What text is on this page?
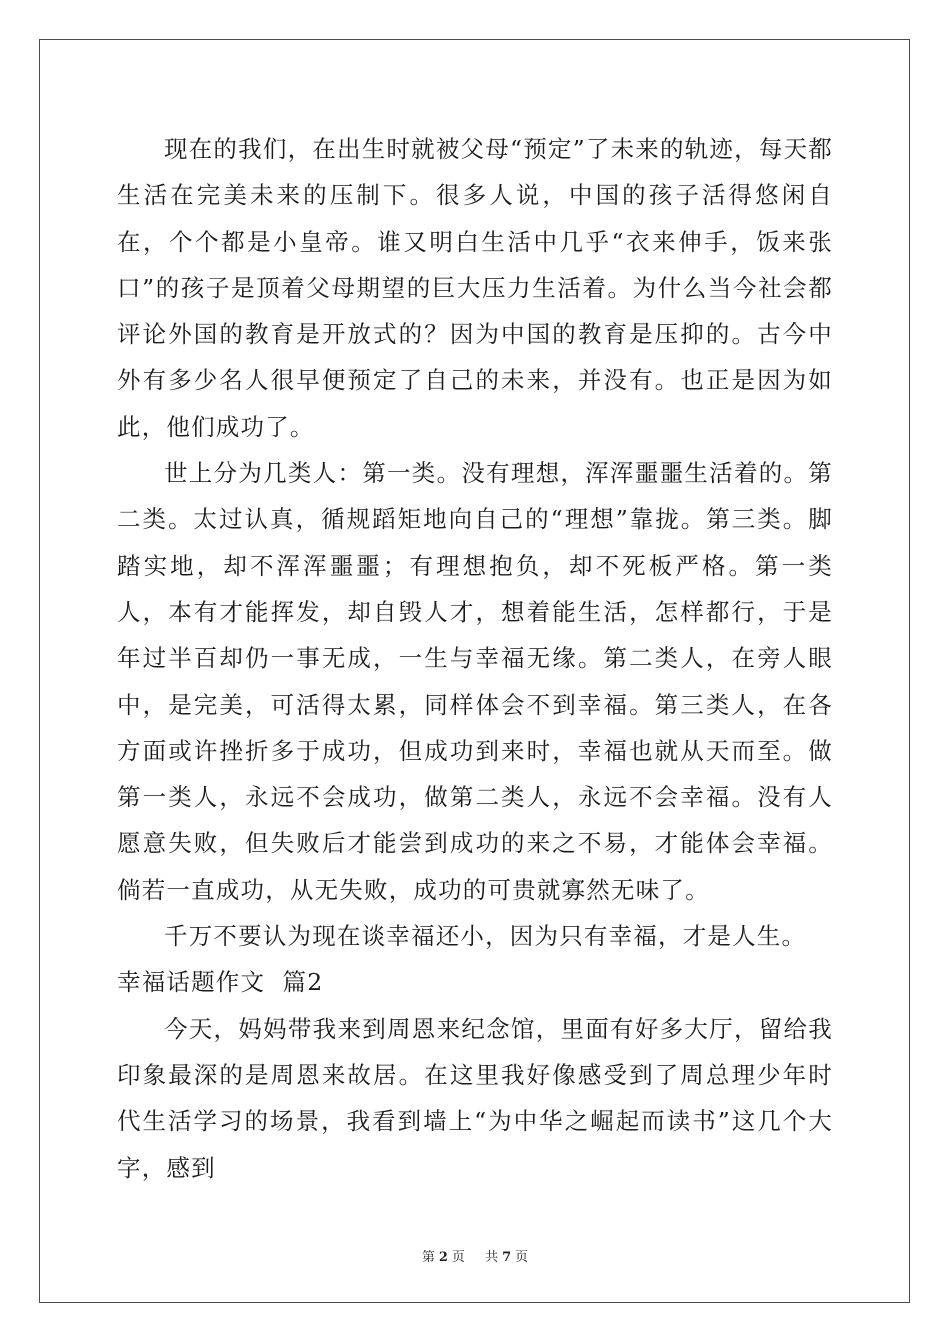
现在的我们，在出生时就被父母“预定”了未来的轨迹，每天都生活在完美未来的压制下。很多人说，中国的孩子活得悠闲自在，个个都是小皇帝。谁又明白生活中几乎“衣来伸手，饭来张口”的孩子是顶着父母期望的巨大压力生活着。为什么当今社会都评论外国的教育是开放式的？因为中国的教育是压抑的。古今中外有多少名人很早便预定了自己的未来，并没有。也正是因为如此，他们成功了。

世上分为几类人：第一类。没有理想，浑浑噩噩生活着的。第二类。太过认真，循规蹈矩地向自己的“理想”靠拢。第三类。脚踏实地，却不浑浑噩噩；有理想抱负，却不死板严格。第一类人，本有才能挥发，却自毁人才，想着能生活，怎样都行，于是年过半百却仍一事无成，一生与幸福无缘。第二类人，在旁人眼中，是完美，可活得太累，同样体会不到幸福。第三类人，在各方面或许挫折多于成功，但成功到来时，幸福也就从天而至。做第一类人，永远不会成功，做第二类人，永远不会幸福。没有人愿意失败，但失败后才能尝到成功的来之不易，才能体会幸福。倘若一直成功，从无失败，成功的可贵就寡然无味了。

千万不要认为现在谈幸福还小，因为只有幸福，才是人生。

幸福话题作文  篇2

今天，妈妈带我来到周恩来纪念馆，里面有好多大厅，留给我印象最深的是周恩来故居。在这里我好像感受到了周总理少年时代生活学习的场景，我看到墙上“为中华之崛起而读书”这几个大字，感到

第 2 页 共 7 页
